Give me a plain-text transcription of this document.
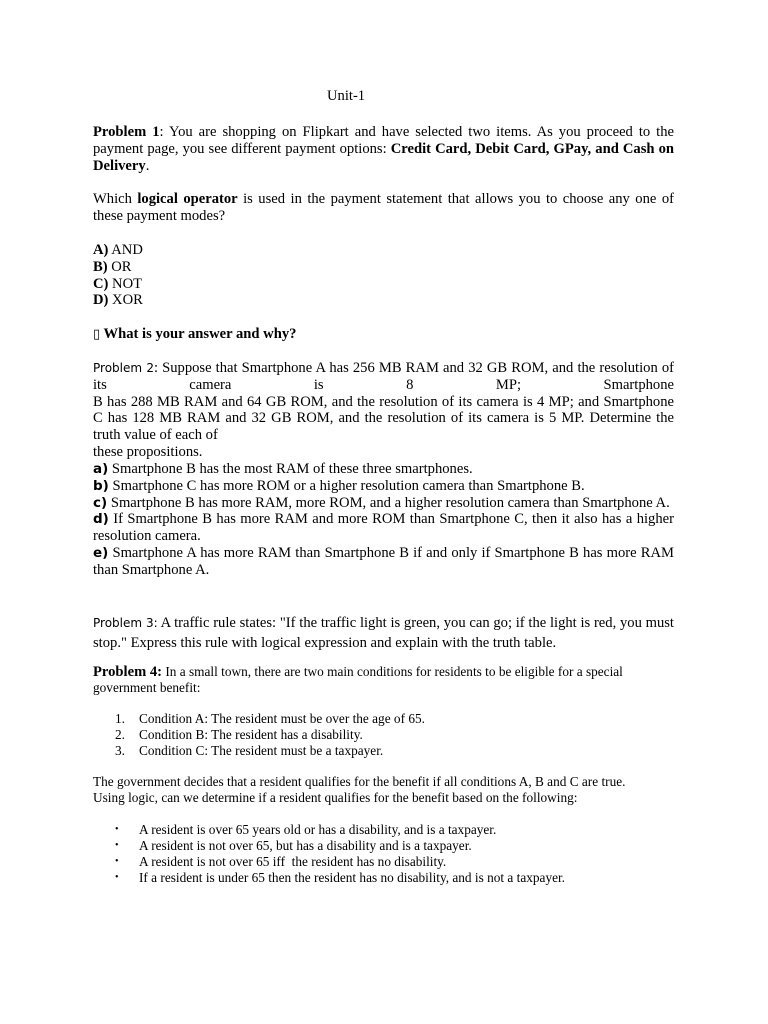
Unit-1
Problem 1: You are shopping on Flipkart and have selected two items. As you proceed to the payment page, you see different payment options: Credit Card, Debit Card, GPay, and Cash on Delivery.
Which logical operator is used in the payment statement that allows you to choose any one of these payment modes?
A) AND
B) OR
C) NOT
D) XOR
▯ What is your answer and why?
Problem 2: Suppose that Smartphone A has 256 MB RAM and 32 GB ROM, and the resolution of its camera is 8 MP; Smartphone
B has 288 MB RAM and 64 GB ROM, and the resolution of its camera is 4 MP; and Smartphone C has 128 MB RAM and 32 GB ROM, and the resolution of its camera is 5 MP. Determine the truth value of each of
these propositions.
a) Smartphone B has the most RAM of these three smartphones.
b) Smartphone C has more ROM or a higher resolution camera than Smartphone B.
c) Smartphone B has more RAM, more ROM, and a higher resolution camera than Smartphone A.
d) If Smartphone B has more RAM and more ROM than Smartphone C, then it also has a higher resolution camera.
e) Smartphone A has more RAM than Smartphone B if and only if Smartphone B has more RAM than Smartphone A.
Problem 3: A traffic rule states: "If the traffic light is green, you can go; if the light is red, you must stop." Express this rule with logical expression and explain with the truth table.
Problem 4: In a small town, there are two main conditions for residents to be eligible for a special government benefit:
1. Condition A: The resident must be over the age of 65.
2. Condition B: The resident has a disability.
3. Condition C: The resident must be a taxpayer.
The government decides that a resident qualifies for the benefit if all conditions A, B and C are true.
Using logic, can we determine if a resident qualifies for the benefit based on the following:
• A resident is over 65 years old or has a disability, and is a taxpayer.
• A resident is not over 65, but has a disability and is a taxpayer.
• A resident is not over 65 iff  the resident has no disability.
• If a resident is under 65 then the resident has no disability, and is not a taxpayer.
